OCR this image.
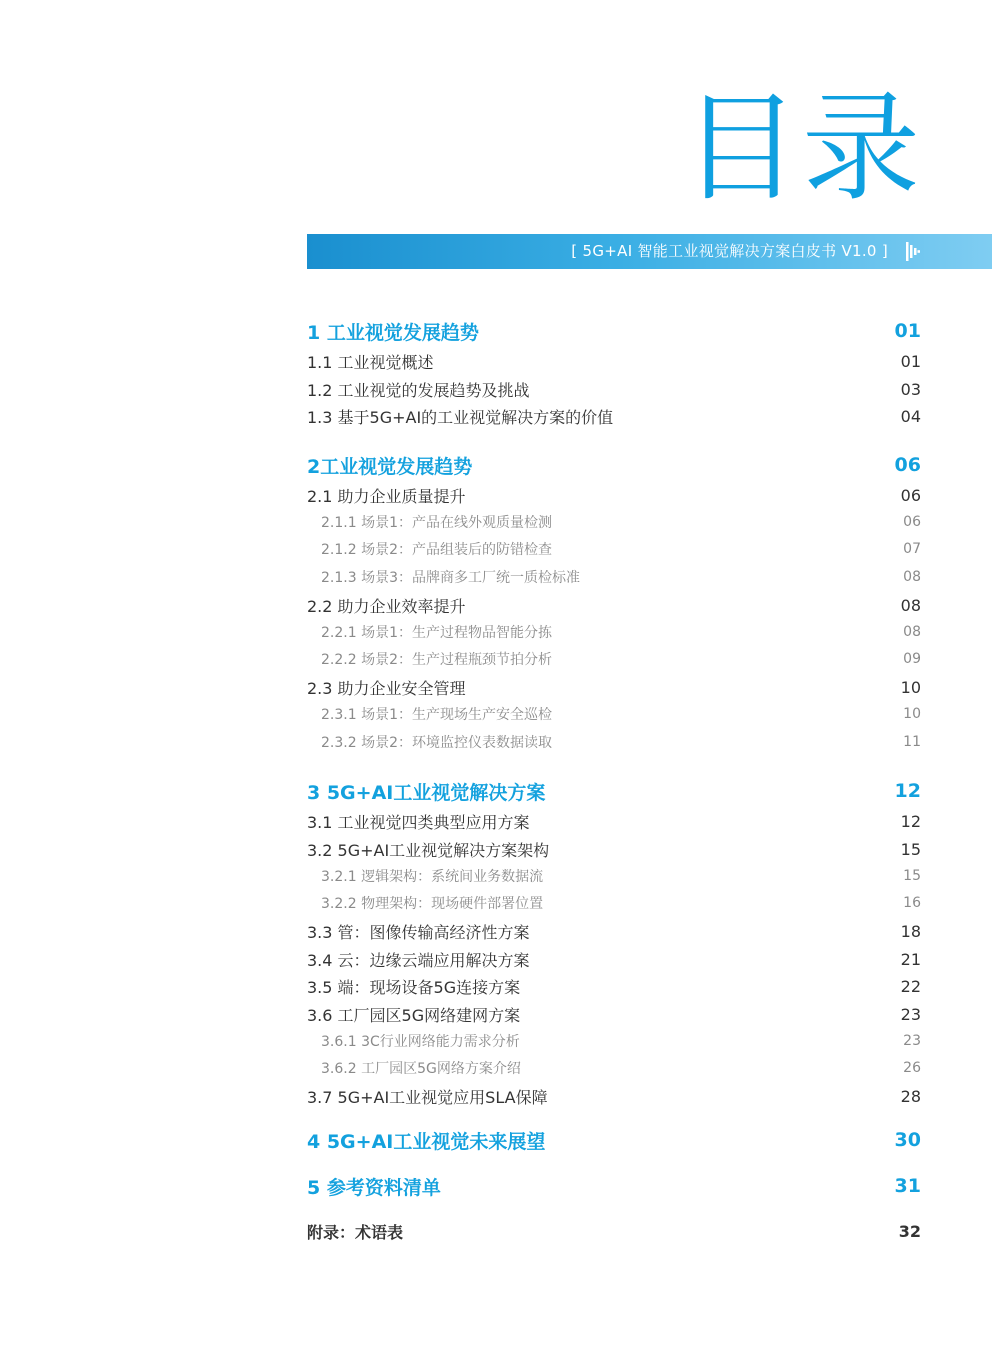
目录
[ 5G+AI 智能工业视觉解决方案白皮书 V1.0 ]
1 工业视觉发展趋势	01
1.1 工业视觉概述	01
1.2 工业视觉的发展趋势及挑战	03
1.3 基于5G+AI的工业视觉解决方案的价值	04
2工业视觉发展趋势	06
2.1 助力企业质量提升	06
2.1.1 场景1：产品在线外观质量检测	06
2.1.2 场景2：产品组装后的防错检查	07
2.1.3 场景3：品牌商多工厂统一质检标准	08
2.2 助力企业效率提升	08
2.2.1 场景1：生产过程物品智能分拣	08
2.2.2 场景2：生产过程瓶颈节拍分析	09
2.3 助力企业安全管理	10
2.3.1 场景1：生产现场生产安全巡检	10
2.3.2 场景2：环境监控仪表数据读取	11
3 5G+AI工业视觉解决方案	12
3.1 工业视觉四类典型应用方案	12
3.2 5G+AI工业视觉解决方案架构	15
3.2.1 逻辑架构：系统间业务数据流	15
3.2.2 物理架构：现场硬件部署位置	16
3.3 管：图像传输高经济性方案	18
3.4 云：边缘云端应用解决方案	21
3.5 端：现场设备5G连接方案	22
3.6 工厂园区5G网络建网方案	23
3.6.1 3C行业网络能力需求分析	23
3.6.2 工厂园区5G网络方案介绍	26
3.7 5G+AI工业视觉应用SLA保障	28
4 5G+AI工业视觉未来展望	30
5 参考资料清单	31
附录：术语表	32
